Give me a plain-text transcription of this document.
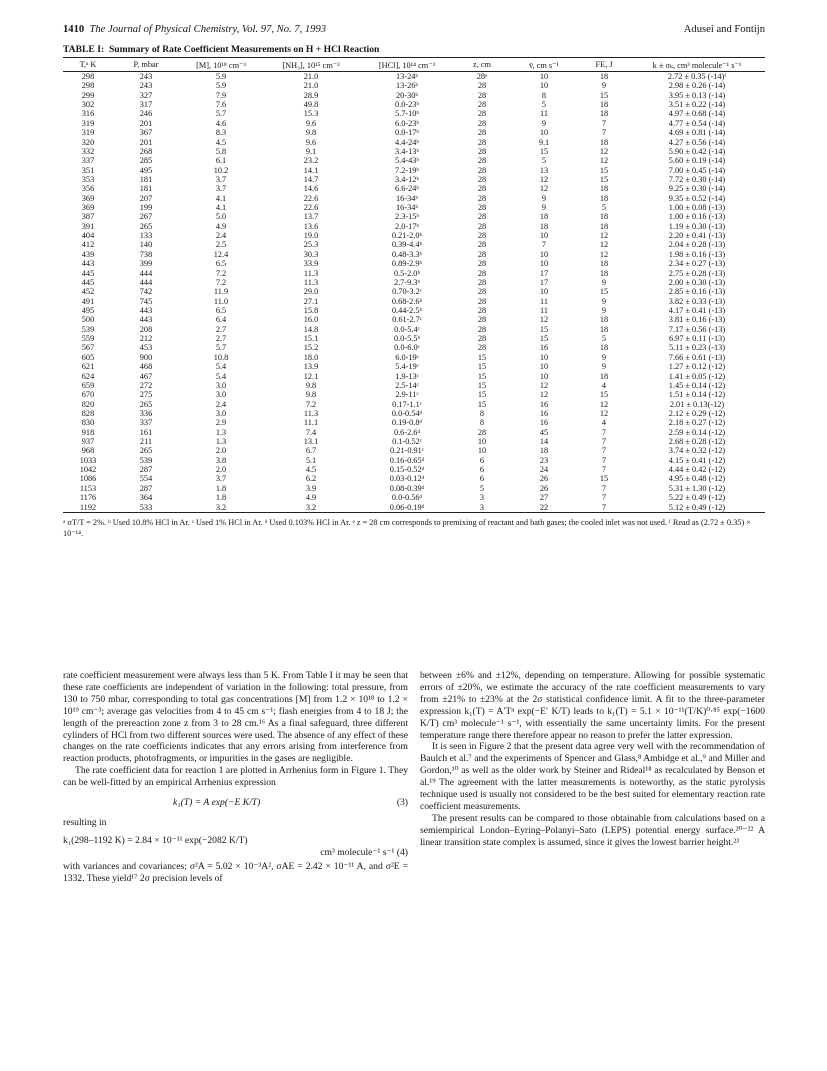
1410 The Journal of Physical Chemistry, Vol. 97, No. 7, 1993	Adusei and Fontijn
TABLE I: Summary of Rate Coefficient Measurements on H + HCl Reaction
T,ᵃ K	P, mbar	[M], 10¹⁸ cm⁻³	[NH₃], 10¹⁵ cm⁻³	[HCl], 10¹⁴ cm⁻³	z, cm	v̄, cm s⁻¹	FE, J	k ± σₖ, cm³ molecule⁻¹ s⁻¹
298	243	5.9	21.0	13-24ᵇ	28ᵉ	10	18	2.72 ± 0.35 (-14)ᶠ
298	243	5.9	21.0	13-26ᵇ	28	10	9	2.98 ± 0.26 (-14)
299	327	7.9	28.9	20-30ᵇ	28	8	15	3.95 ± 0.13 (-14)
302	317	7.6	49.8	0.0-23ᵇ	28	5	18	3.51 ± 0.22 (-14)
316	246	5.7	15.3	5.7-10ᵇ	28	11	18	4.97 ± 0.68 (-14)
319	201	4.6	9.6	6.0-23ᵇ	28	9	7	4.77 ± 0.54 (-14)
319	367	8.3	9.8	0.0-17ᵇ	28	10	7	4.69 ± 0.81 (-14)
320	201	4.5	9.6	4.4-24ᵇ	28	9.1	18	4.27 ± 0.56 (-14)
332	268	5.8	9.1	3.4-13ᵇ	28	15	12	5.90 ± 0.42 (-14)
337	285	6.1	23.2	5.4-43ᵇ	28	5	12	5.60 ± 0.19 (-14)
351	495	10.2	14.1	7.2-19ᵇ	28	13	15	7.00 ± 0.45 (-14)
353	181	3.7	14.7	3.4-12ᵇ	28	12	15	7.72 ± 0.30 (-14)
356	181	3.7	14.6	6.6-24ᵇ	28	12	18	9.25 ± 0.30 (-14)
369	207	4.1	22.6	16-34ᵇ	28	9	18	9.35 ± 0.52 (-14)
369	199	4.1	22.6	16-34ᵇ	28	9	5	1.00 ± 0.08 (-13)
387	267	5.0	13.7	2.3-15ᵇ	28	18	18	1.00 ± 0.16 (-13)
391	265	4.9	13.6	2.0-17ᵇ	28	18	18	1.19 ± 0.30 (-13)
404	133	2.4	19.0	0.21-2.0ᵇ	28	10	12	2.20 ± 0.41 (-13)
412	140	2.5	25.3	0.39-4.4ᵇ	28	7	12	2.04 ± 0.28 (-13)
439	738	12.4	30.3	0.48-3.3ᵇ	28	10	12	1.98 ± 0.16 (-13)
443	399	6.5	33.9	0.89-2.9ᵇ	28	10	18	2.34 ± 0.27 (-13)
445	444	7.2	11.3	0.5-2.0ᵇ	28	17	18	2.75 ± 0.28 (-13)
445	444	7.2	11.3	2.7-9.3ᵇ	28	17	9	2.00 ± 0.30 (-13)
452	742	11.9	29.0	0.70-3.2ᶜ	28	10	15	2.85 ± 0.16 (-13)
491	745	11.0	27.1	0.68-2.6ᵇ	28	11	9	3.82 ± 0.33 (-13)
495	443	6.5	15.8	0.44-2.5ᵇ	28	11	9	4.17 ± 0.41 (-13)
500	443	6.4	16.0	0.61-2.7ᶜ	28	12	18	3.81 ± 0.16 (-13)
539	208	2.7	14.8	0.0-5.4ᶜ	28	15	18	7.17 ± 0.56 (-13)
559	212	2.7	15.1	0.0-5.5ᵇ	28	15	5	6.97 ± 0.11 (-13)
567	453	5.7	15.2	0.0-6.0ᶜ	28	16	18	5.11 ± 0.23 (-13)
605	900	10.8	18.0	6.0-19ᶜ	15	10	9	7.66 ± 0.61 (-13)
621	468	5.4	13.9	5.4-19ᶜ	15	10	9	1.27 ± 0.12 (-12)
624	467	5.4	12.1	1.9-13ᶜ	15	10	18	1.41 ± 0.05 (-12)
659	272	3.0	9.8	2.5-14ᶜ	15	12	4	1.45 ± 0.14 (-12)
670	275	3.0	9.8	2.9-11ᶜ	15	12	15	1.51 ± 0.14 (-12)
820	265	2.4	7.2	0.17-1.1ᶜ	15	16	12	2.01 ± 0.13(-12)
828	336	3.0	11.3	0.0-0.54ᵈ	8	16	12	2.12 ± 0.29 (-12)
830	337	2.9	11.1	0.19-0.8ᵈ	8	16	4	2.18 ± 0.27 (-12)
918	161	1.3	7.4	0.6-2.6ᵈ	28	45	7	2.59 ± 0.14 (-12)
937	211	1.3	13.1	0.1-0.52ᶜ	10	14	7	2.68 ± 0.28 (-12)
968	265	2.0	6.7	0.21-0.91ᶜ	10	18	7	3.74 ± 0.32 (-12)
1033	539	3.8	5.1	0.16-0.65ᵈ	6	23	7	4.15 ± 0.41 (-12)
1042	287	2.0	4.5	0.15-0.52ᵈ	6	24	7	4.44 ± 0.42 (-12)
1086	554	3.7	6.2	0.03-0.12ᵈ	6	26	15	4.95 ± 0.48 (-12)
1153	287	1.8	3.9	0.08-0.39ᵈ	5	26	7	5.31 ± 1.30 (-12)
1176	364	1.8	4.9	0.0-0.56ᵈ	3	27	7	5.22 ± 0.49 (-12)
1192	533	3.2	3.2	0.06-0.19ᵈ	3	22	7	5.12 ± 0.49 (-12)
ᵃ σT/T = 2%. ᵇ Used 10.8% HCl in Ar. ᶜ Used 1% HCl in Ar. ᵈ Used 0.103% HCl in Ar. ᵉ z = 28 cm corresponds to premixing of reactant and bath gases; the cooled inlet was not used. ᶠ Read as (2.72 ± 0.35) × 10⁻¹⁴.

rate coefficient measurement were always less than 5 K. From Table I it may be seen that these rate coefficients are independent of variation in the following: total pressure, from 130 to 750 mbar, corresponding to total gas concentrations [M] from 1.2 × 10¹⁸ to 1.2 × 10¹⁹ cm⁻³; average gas velocities from 4 to 45 cm s⁻¹; flash energies from 4 to 18 J; the length of the prereaction zone z from 3 to 28 cm.¹⁶ As a final safeguard, three different cylinders of HCl from two different sources were used. The absence of any effect of these changes on the rate coefficients indicates that any errors arising from interference from reaction products, photofragments, or impurities in the gases are negligible.

The rate coefficient data for reaction 1 are plotted in Arrhenius form in Figure 1. They can be well-fitted by an empirical Arrhenius expression

k₁(T) = A exp(−E K/T)	(3)

resulting in

k₁(298–1192 K) = 2.84 × 10⁻¹¹ exp(−2082 K/T)
cm³ molecule⁻¹ s⁻¹ (4)

with variances and covariances; σ²A = 5.02 × 10⁻³A², σAE = 2.42 × 10⁻¹¹ A, and σ²E = 1332. These yield¹⁷ 2σ precision levels of

between ±6% and ±12%, depending on temperature. Allowing for possible systematic errors of ±20%, we estimate the accuracy of the rate coefficient measurements to vary from ±21% to ±23% at the 2σ statistical confidence limit. A fit to the three-parameter expression k₁(T) = A′Tⁿ exp(−E′ K/T) leads to k₁(T) = 5.1 × 10⁻¹¹(T/K)⁰·⁸⁵ exp(−1600 K/T) cm³ molecule⁻¹ s⁻¹, with essentially the same uncertainty limits. For the present temperature range there therefore appear no reason to prefer the latter expression.

It is seen in Figure 2 that the present data agree very well with the recommendation of Baulch et al.⁷ and the experiments of Spencer and Glass,⁸ Ambidge et al.,⁹ and Miller and Gordon,¹⁰ as well as the older work by Steiner and Rideal¹⁸ as recalculated by Benson et al.¹⁹ The agreement with the latter measurements is noteworthy, as the static pyrolysis technique used is usually not considered to be the best suited for elementary reaction rate coefficient measurements.

The present results can be compared to those obtainable from calculations based on a semiempirical London–Eyring–Polanyi–Sato (LEPS) potential energy surface.²⁰⁻²² A linear transition state complex is assumed, since it gives the lowest barrier height.²³
